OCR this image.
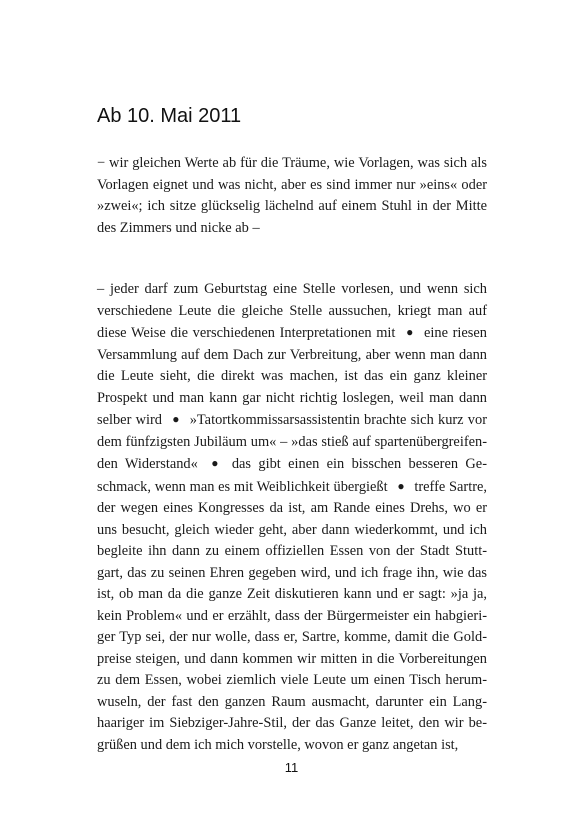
Ab 10. Mai 2011

− wir gleichen Werte ab für die Träume, wie Vorlagen, was sich als Vorlagen eignet und was nicht, aber es sind immer nur »eins« oder »zwei«; ich sitze glückselig lächelnd auf einem Stuhl in der Mitte des Zimmers und nicke ab –

– jeder darf zum Geburtstag eine Stelle vorlesen, und wenn sich verschiedene Leute die gleiche Stelle aussuchen, kriegt man auf diese Weise die verschiedenen Interpretationen mit ● eine riesen Versammlung auf dem Dach zur Verbreitung, aber wenn man dann die Leute sieht, die direkt was machen, ist das ein ganz kleiner Prospekt und man kann gar nicht richtig loslegen, weil man dann selber wird ● »Tatortkommissarsassistentin brachte sich kurz vor dem fünfzigsten Jubiläum um« – »das stieß auf spartenübergreifenden Widerstand« ● das gibt einen ein bisschen besseren Geschmack, wenn man es mit Weiblichkeit übergießt ● treffe Sartre, der wegen eines Kongresses da ist, am Rande eines Drehs, wo er uns besucht, gleich wieder geht, aber dann wiederkommt, und ich begleite ihn dann zu einem offiziellen Essen von der Stadt Stuttgart, das zu seinen Ehren gegeben wird, und ich frage ihn, wie das ist, ob man da die ganze Zeit diskutieren kann und er sagt: »ja ja, kein Problem« und er erzählt, dass der Bürgermeister ein habgieriger Typ sei, der nur wolle, dass er, Sartre, komme, damit die Goldpreise steigen, und dann kommen wir mitten in die Vorbereitungen zu dem Essen, wobei ziemlich viele Leute um einen Tisch herumwuseln, der fast den ganzen Raum ausmacht, darunter ein Langhaariger im Siebziger-Jahre-Stil, der das Ganze leitet, den wir begrüßen und dem ich mich vorstelle, wovon er ganz angetan ist,

11
